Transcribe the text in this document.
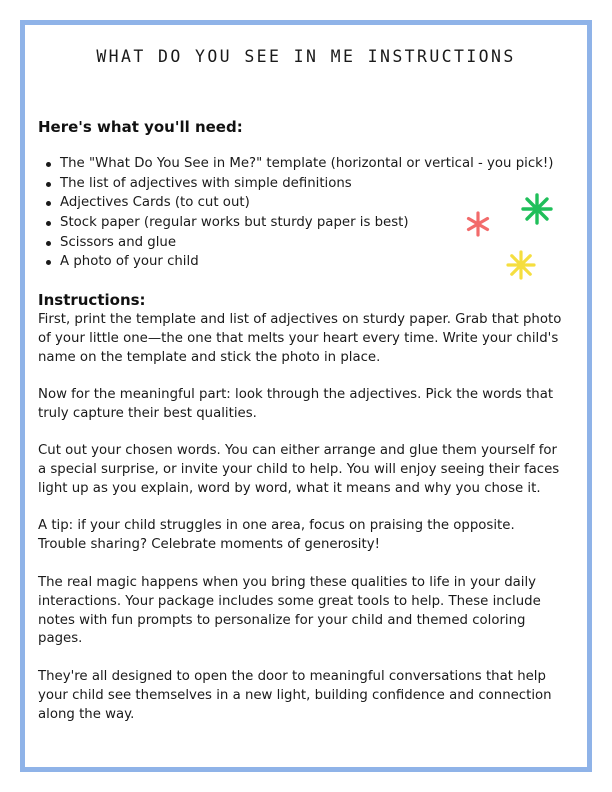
WHAT DO YOU SEE IN ME INSTRUCTIONS
Here's what you'll need:
The "What Do You See in Me?" template (horizontal or vertical - you pick!)
The list of adjectives with simple definitions
Adjectives Cards (to cut out)
Stock paper (regular works but sturdy paper is best)
Scissors and glue
A photo of your child
Instructions:

First, print the template and list of adjectives on sturdy paper. Grab that photo
of your little one—the one that melts your heart every time. Write your child's
name on the template and stick the photo in place.

Now for the meaningful part: look through the adjectives. Pick the words that
truly capture their best qualities.

Cut out your chosen words. You can either arrange and glue them yourself for
a special surprise, or invite your child to help. You will enjoy seeing their faces
light up as you explain, word by word, what it means and why you chose it.

A tip: if your child struggles in one area, focus on praising the opposite.
Trouble sharing? Celebrate moments of generosity!

The real magic happens when you bring these qualities to life in your daily
interactions. Your package includes some great tools to help. These include
notes with fun prompts to personalize for your child and themed coloring
pages.

They're all designed to open the door to meaningful conversations that help
your child see themselves in a new light, building confidence and connection
along the way.
